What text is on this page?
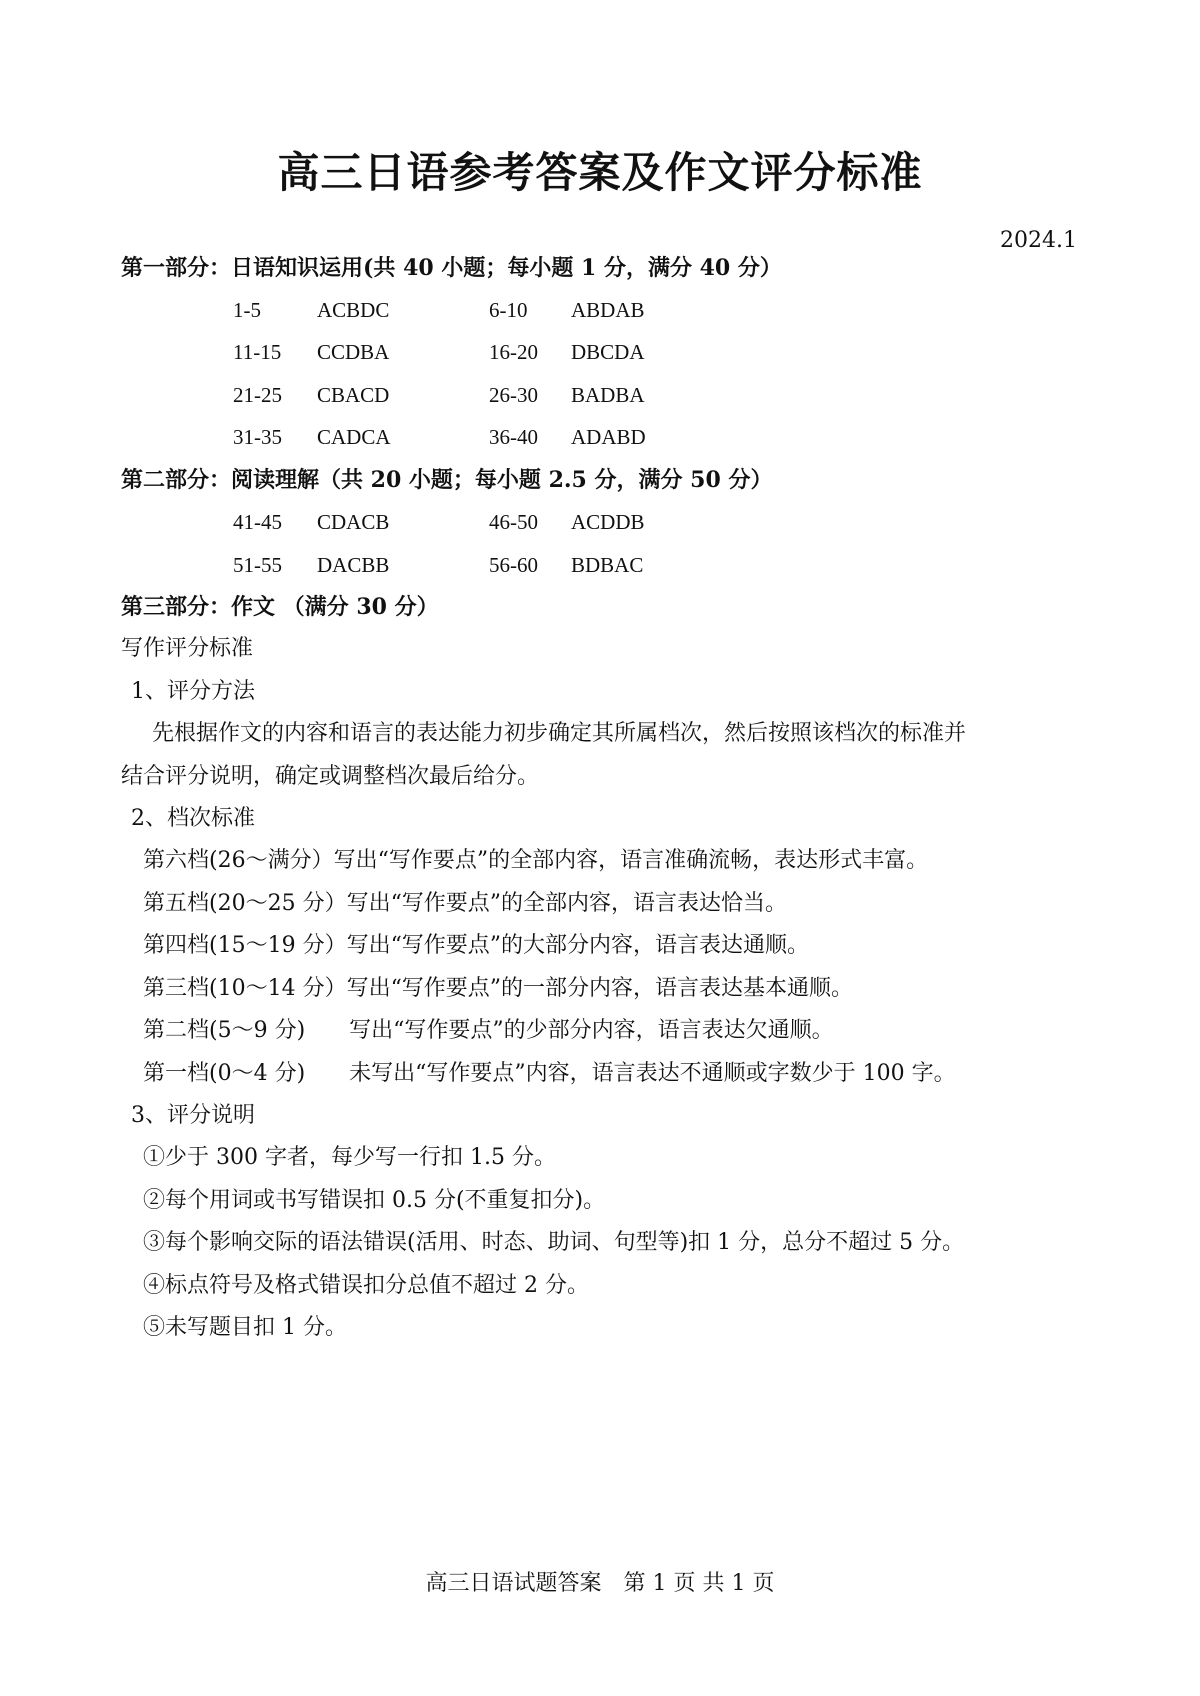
高三日语参考答案及作文评分标准
2024.1
第一部分：日语知识运用(共 40 小题；每小题 1 分，满分 40 分）
1-5	ACBDC	6-10 ABDAB
11-15 CCDBA	16-20 DBCDA
21-25 CBACD	26-30 BADBA
31-35 CADCA	36-40 ADABD
第二部分：阅读理解（共 20 小题；每小题 2.5 分，满分 50 分）
41-45 CDACB	46-50 ACDDB
51-55 DACBB	56-60 BDBAC
第三部分：作文 （满分 30 分）
写作评分标准
1、评分方法
先根据作文的内容和语言的表达能力初步确定其所属档次，然后按照该档次的标准并
结合评分说明，确定或调整档次最后给分。
2、档次标准
第六档(26～满分）写出“写作要点”的全部内容，语言准确流畅，表达形式丰富。
第五档(20～25 分）写出“写作要点”的全部内容，语言表达恰当。
第四档(15～19 分）写出“写作要点”的大部分内容，语言表达通顺。
第三档(10～14 分）写出“写作要点”的一部分内容，语言表达基本通顺。
第二档(5～9 分)　　写出“写作要点”的少部分内容，语言表达欠通顺。
第一档(0～4 分)　　未写出“写作要点”内容，语言表达不通顺或字数少于 100 字。
3、评分说明
①少于 300 字者，每少写一行扣 1.5 分。
②每个用词或书写错误扣 0.5 分(不重复扣分)。
③每个影响交际的语法错误(活用、时态、助词、句型等)扣 1 分，总分不超过 5 分。
④标点符号及格式错误扣分总值不超过 2 分。
⑤未写题目扣 1 分。
高三日语试题答案　第 1 页 共 1 页
